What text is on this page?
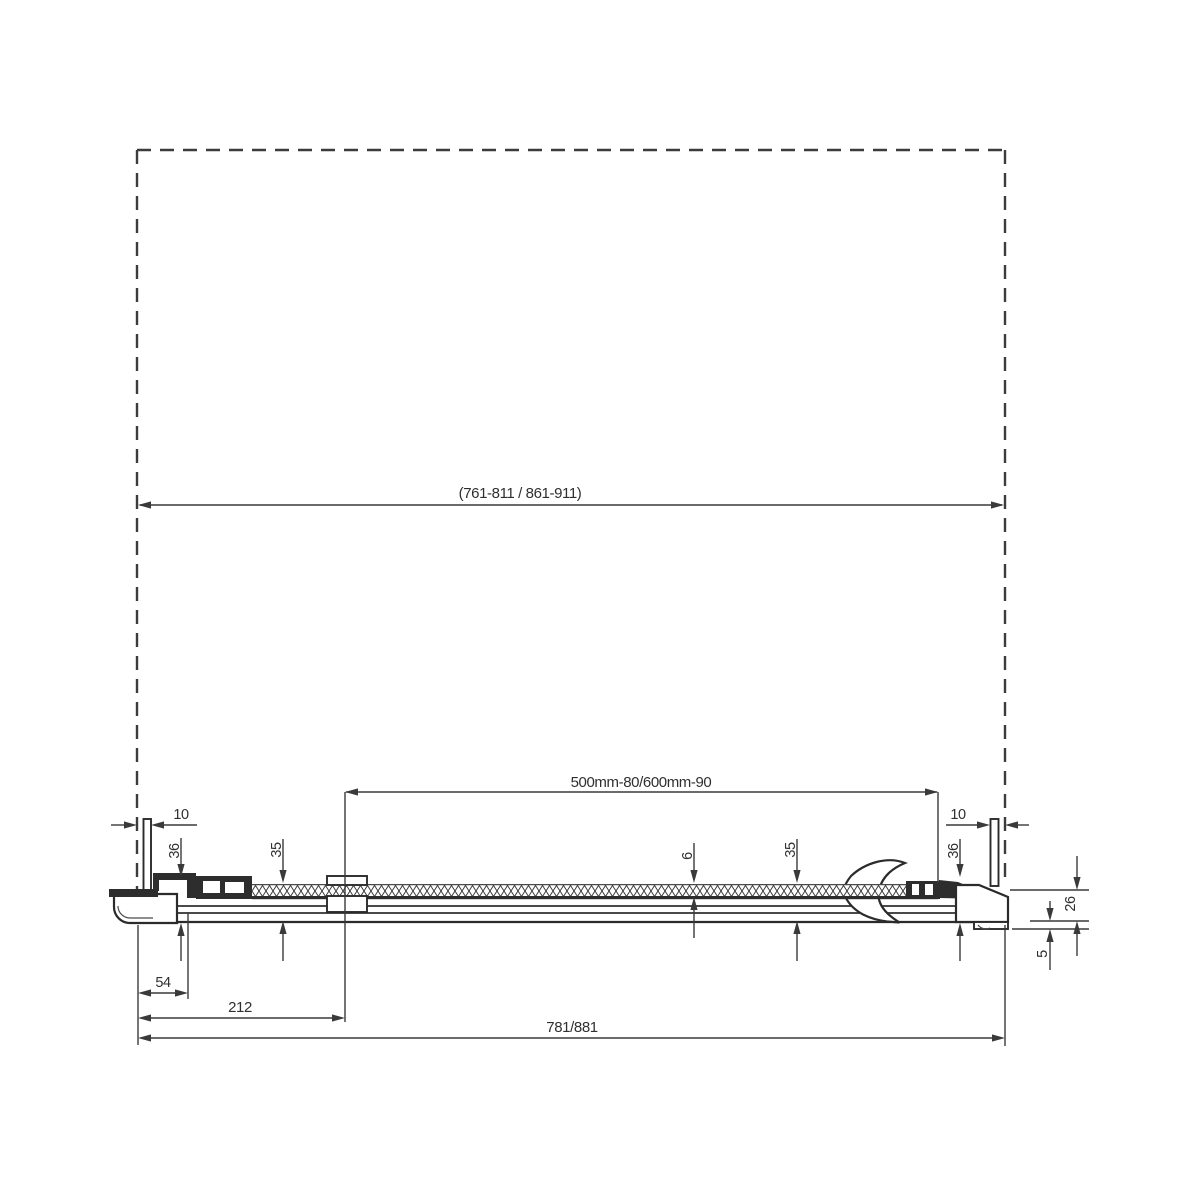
(761-811 / 861-911)
500mm-80/600mm-90
10	10
36	35	6	35	36
26
5
54
212
781/881
